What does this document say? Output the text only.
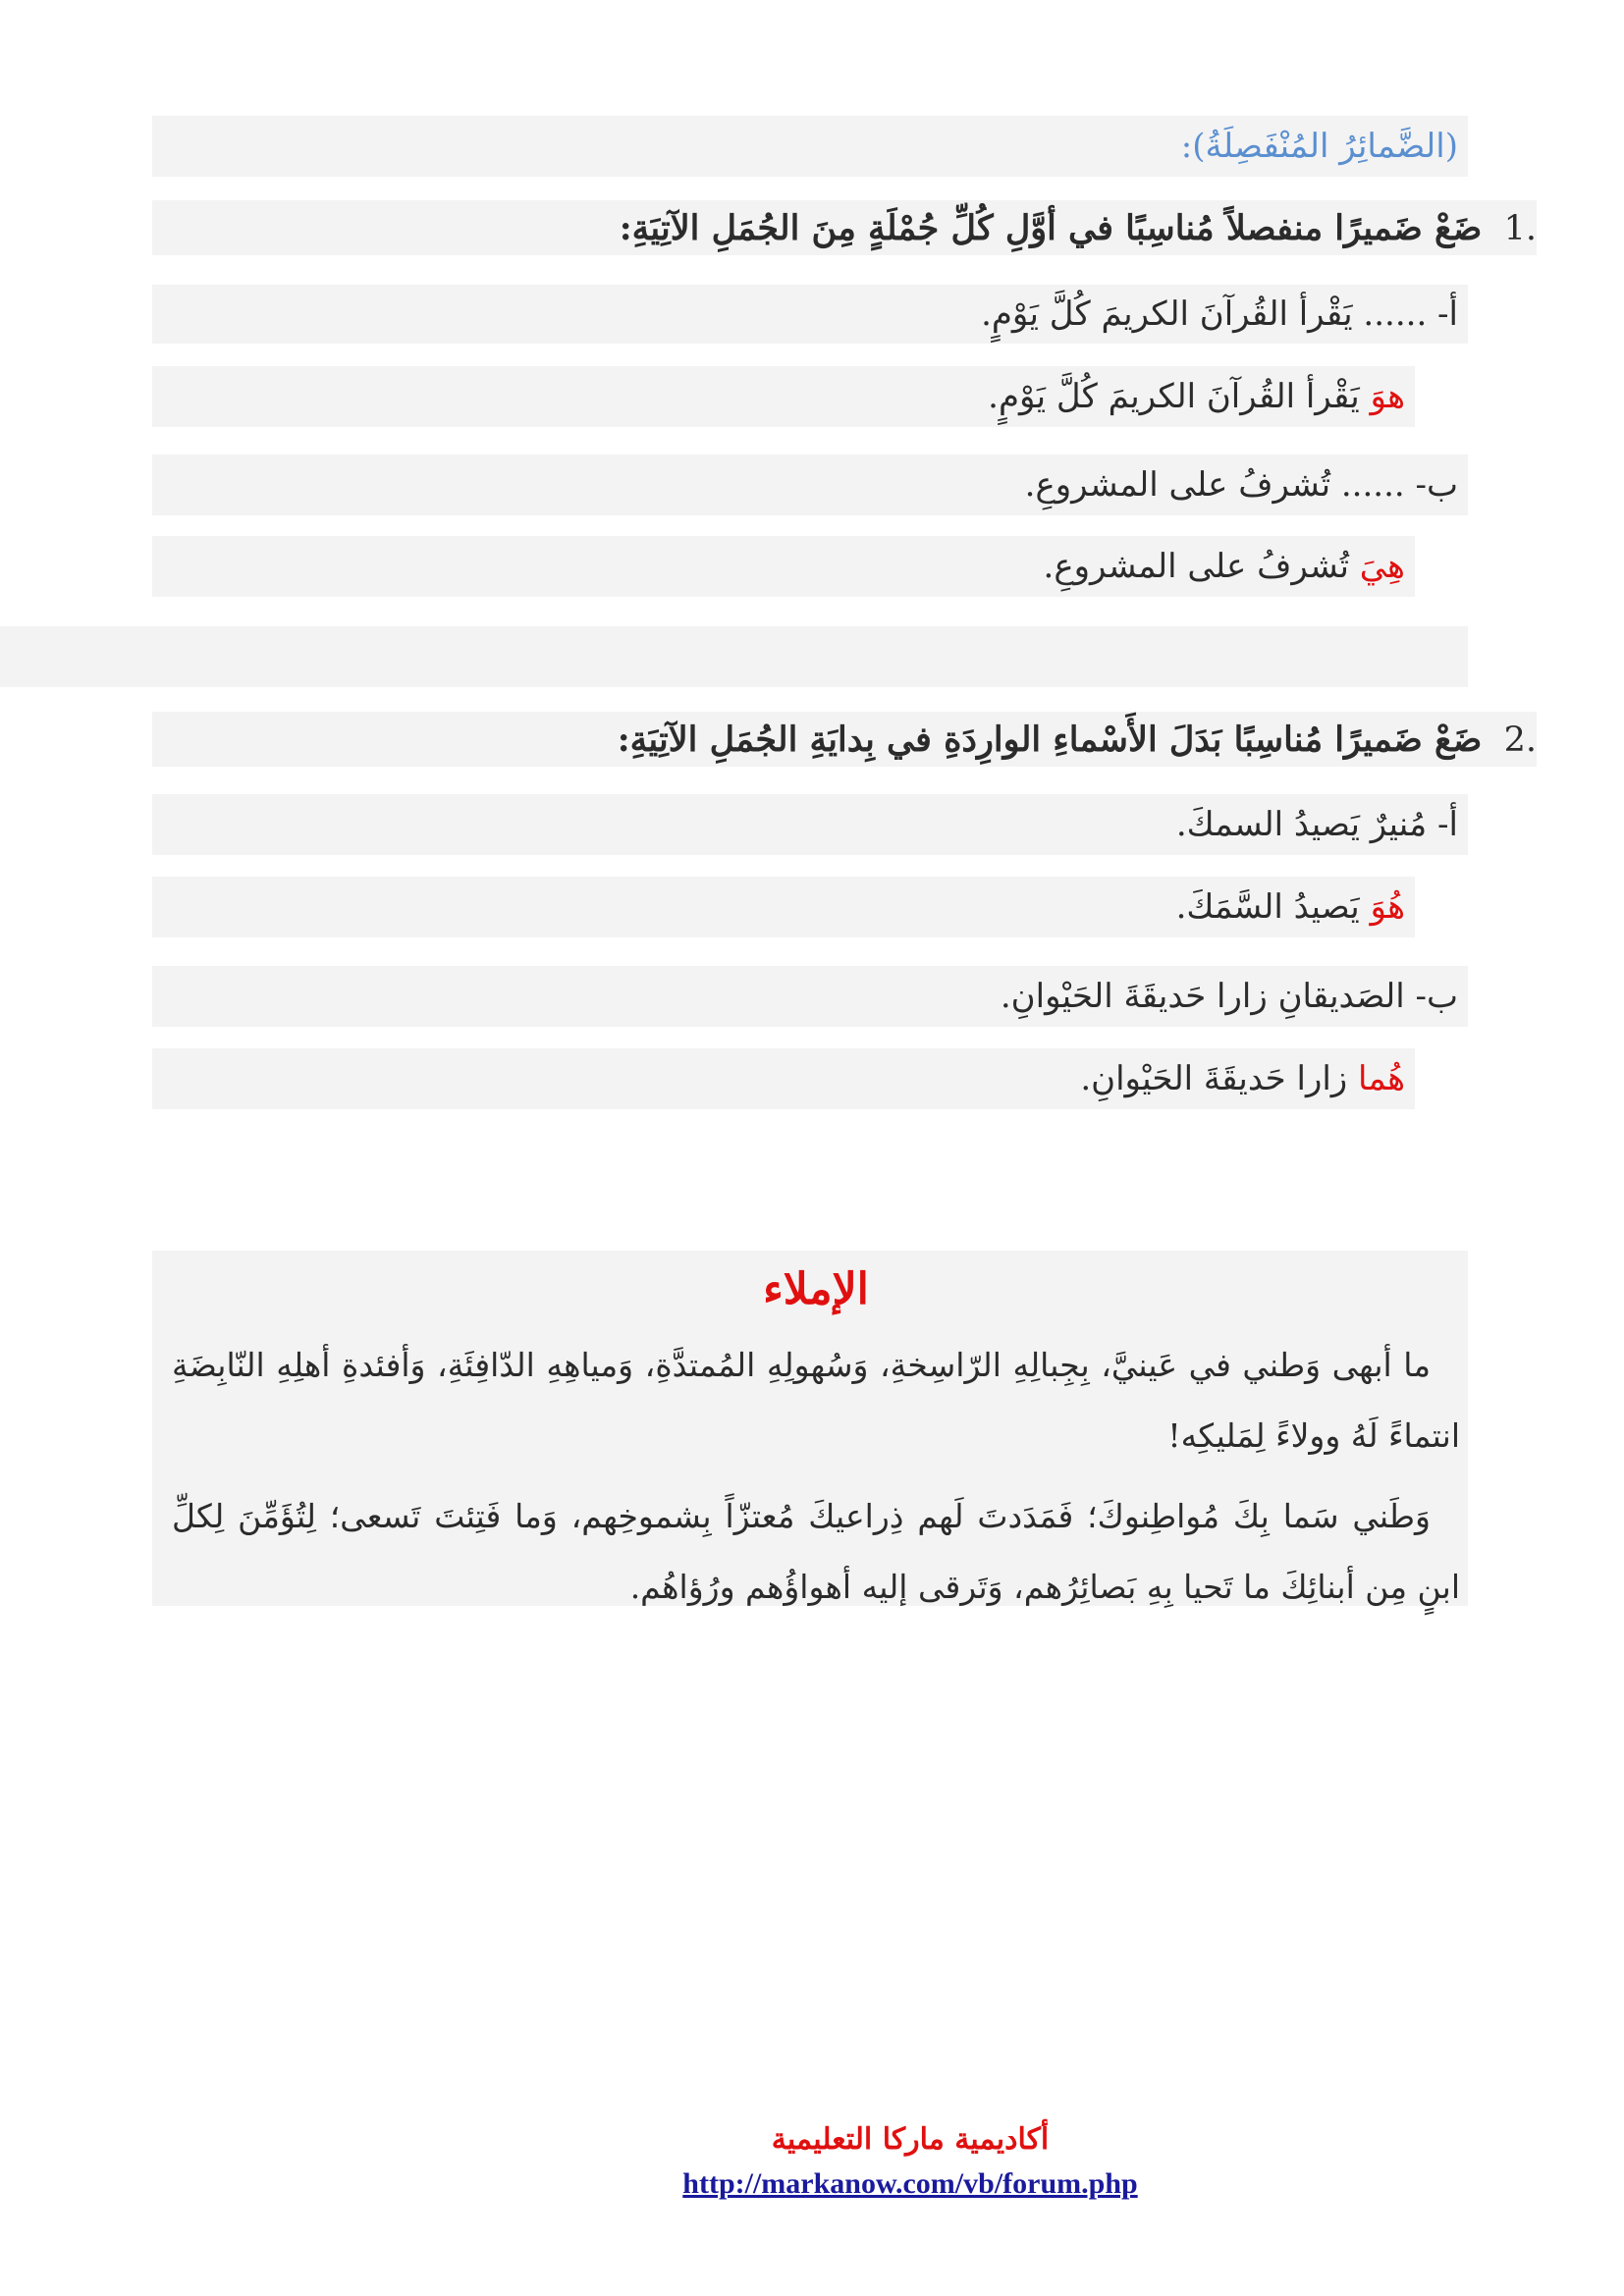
(الضَّمائِرُ المُنْفَصِلَةُ):
.1 ضَعْ ضَميرًا منفصلاً مُناسِبًا في أوَّلِ كُلِّ جُمْلَةٍ مِنَ الجُمَلِ الآتِيَةِ:
أ- ...... يَقْرأ القُرآنَ الكريمَ كُلَّ يَوْمٍ.
هوَ يَقْرأ القُرآنَ الكريمَ كُلَّ يَوْمٍ.
ب- ...... تُشرفُ على المشروعِ.
هِيَ تُشرفُ على المشروعِ.
.2 ضَعْ ضَميرًا مُناسِبًا بَدَلَ الأَسْماءِ الوارِدَةِ في بِدايَةِ الجُمَلِ الآتِيَةِ:
أ- مُنيرٌ يَصيدُ السمكَ.
هُوَ يَصيدُ السَّمَكَ.
ب- الصَديقانِ زارا حَديقَةَ الحَيْوانِ.
هُما زارا حَديقَةَ الحَيْوانِ.

الإملاء

ما أبهى وَطني في عَينيَّ، بِجِبالِهِ الرّاسِخةِ، وَسُهولِهِ المُمتدَّةِ، وَمياهِهِ الدّافِئَةِ، وَأفئدةِ أهلِهِ النّابِضَةِ انتماءً لَهُ وولاءً لِمَليكِه!

وَطَني سَما بِكَ مُواطِنوكَ؛ فَمَدَدتَ لَهم ذِراعيكَ مُعتزّاً بِشموخِهم، وَما فَتِئتَ تَسعى؛ لِتُؤَمِّنَ لِكلِّ ابنٍ مِن أبنائِكَ ما تَحيا بِهِ بَصائِرُهم، وَتَرقى إليه أهواؤُهم ورُؤاهُم.

أكاديمية ماركا التعليمية
http://markanow.com/vb/forum.php
